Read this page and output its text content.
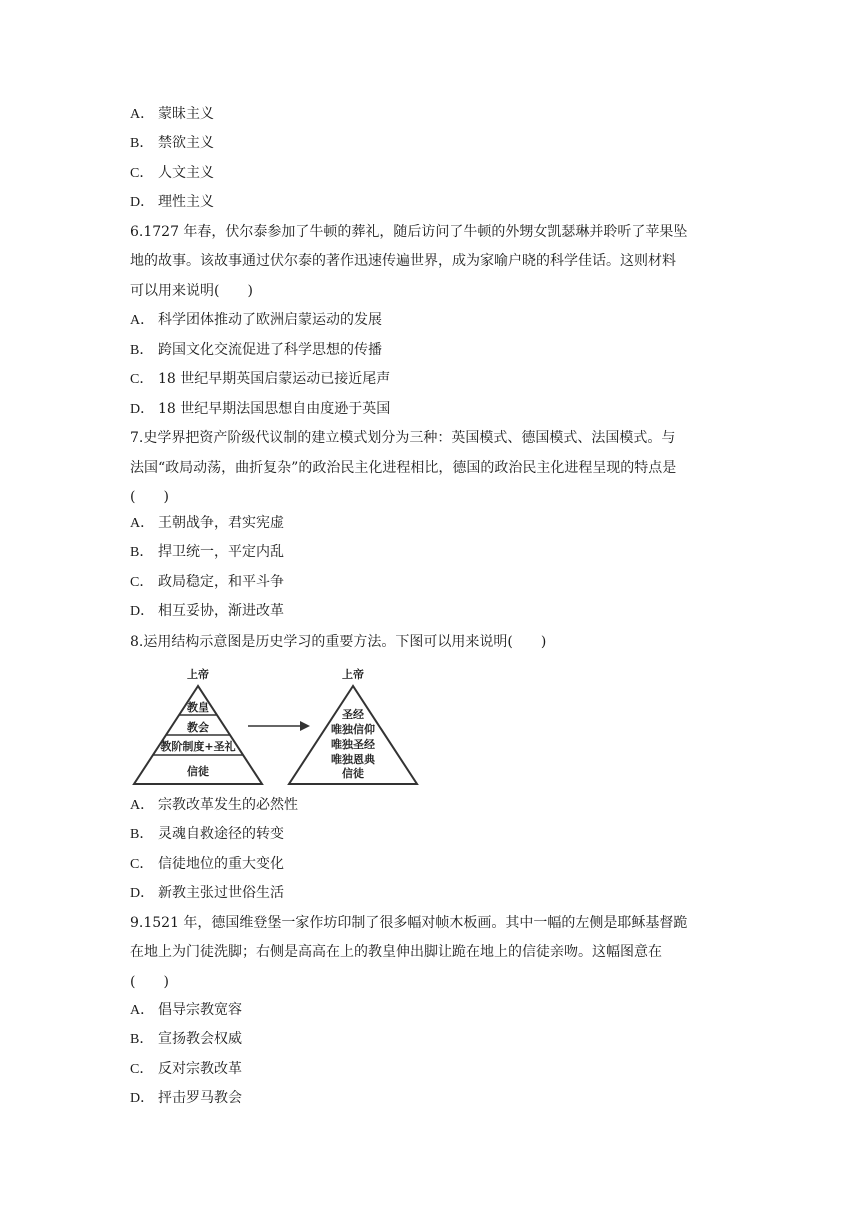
A． 蒙昧主义
B． 禁欲主义
C． 人文主义
D． 理性主义
6.1727 年春，伏尔泰参加了牛顿的葬礼，随后访问了牛顿的外甥女凯瑟琳并聆听了苹果坠
地的故事。该故事通过伏尔泰的著作迅速传遍世界，成为家喻户晓的科学佳话。这则材料
可以用来说明(　　)
A． 科学团体推动了欧洲启蒙运动的发展
B． 跨国文化交流促进了科学思想的传播
C． 18 世纪早期英国启蒙运动已接近尾声
D． 18 世纪早期法国思想自由度逊于英国
7.史学界把资产阶级代议制的建立模式划分为三种：英国模式、德国模式、法国模式。与
法国“政局动荡，曲折复杂”的政治民主化进程相比，德国的政治民主化进程呈现的特点是
(　　)
A． 王朝战争，君实宪虚
B． 捍卫统一，平定内乱
C． 政局稳定，和平斗争
D． 相互妥协，渐进改革
8.运用结构示意图是历史学习的重要方法。下图可以用来说明(　　)
上帝
教皇
教会
教阶制度+圣礼
信徒
上帝
圣经
唯独信仰
唯独圣经
唯独恩典
信徒
A． 宗教改革发生的必然性
B． 灵魂自救途径的转变
C． 信徒地位的重大变化
D． 新教主张过世俗生活
9.1521 年，德国维登堡一家作坊印制了很多幅对帧木板画。其中一幅的左侧是耶稣基督跪
在地上为门徒洗脚；右侧是高高在上的教皇伸出脚让跪在地上的信徒亲吻。这幅图意在
(　　)
A． 倡导宗教宽容
B． 宣扬教会权威
C． 反对宗教改革
D． 抨击罗马教会
